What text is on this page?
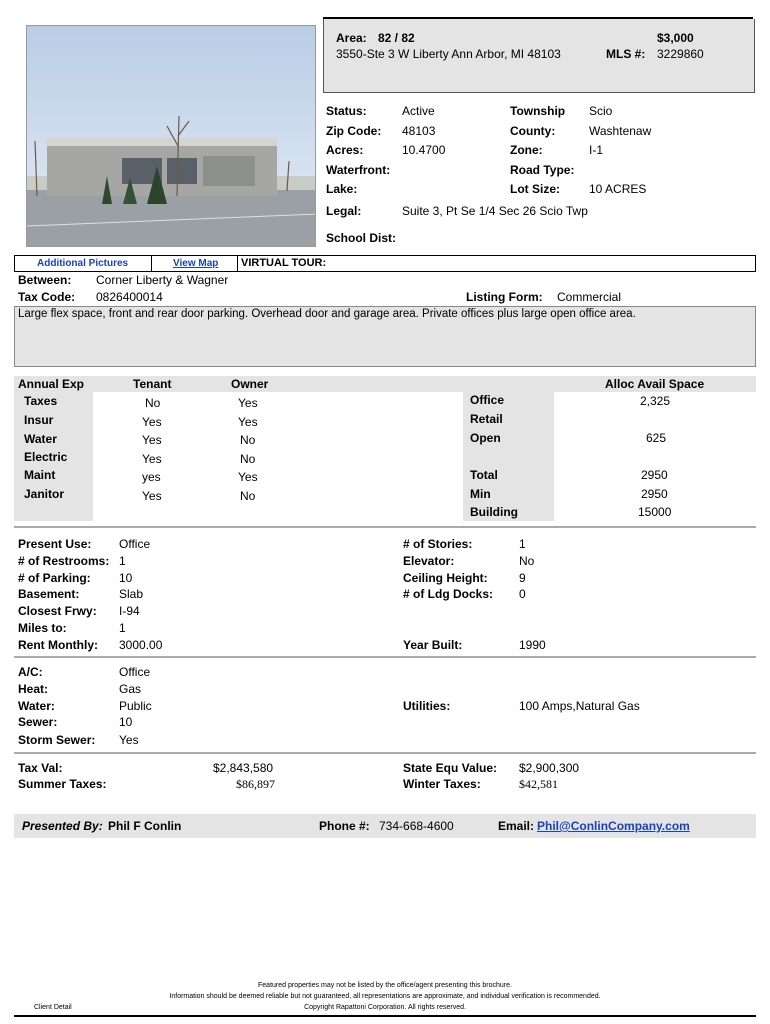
Area: 82 / 82	$3,000
3550-Ste 3 W Liberty Ann Arbor, MI 48103	MLS #: 3229860
Status:	Active
Zip Code: 48103
Acres:	10.4700
Waterfront:
Lake:
Legal:	Suite 3, Pt Se 1/4 Sec 26 Scio Twp
School Dist:
Township Scio
County:	Washtenaw
Zone:	I-1
Road Type:
Lot Size: 10 ACRES
Additional Pictures	View Map VIRTUAL TOUR:
Between: Corner Liberty & Wagner
Tax Code: 0826400014	Listing Form: Commercial
Large flex space, front and rear door parking. Overhead door and garage area. Private offices plus large open office area.
Annual Exp	Tenant	Owner	Alloc Avail Space
Taxes	No	Yes
Insur	Yes	Yes
Water	Yes	No
Electric	Yes	No
Maint	yes	Yes
Janitor	Yes	No
Office	2,325
Retail
Open	625
Total	2950
Min	2950
Building	15000
Present Use: Office
# of Restrooms: 1
# of Parking: 10
Basement:	Slab
Closest Frwy: I-94
Miles to:	1
Rent Monthly: 3000.00
# of Stories:	1
Elevator:	No
Ceiling Height:	9
# of Ldg Docks: 0
Year Built:	1990
A/C:	Office
Heat:	Gas
Water:	Public
Sewer:	10
Storm Sewer: Yes
Utilities:	100 Amps,Natural Gas
Tax Val:	$2,843,580
Summer Taxes:	$86,897
State Equ Value: $2,900,300
Winter Taxes:	$42,581
Presented By: Phil F Conlin	Phone #: 734-668-4600	Email: Phil@ConlinCompany.com
Featured properties may not be listed by the office/agent presenting this brochure.
Information should be deemed reliable but not guaranteed, all representations are approximate, and individual verification is recommended.
Copyright Rapattoni Corporation. All rights reserved.
Client Detail
